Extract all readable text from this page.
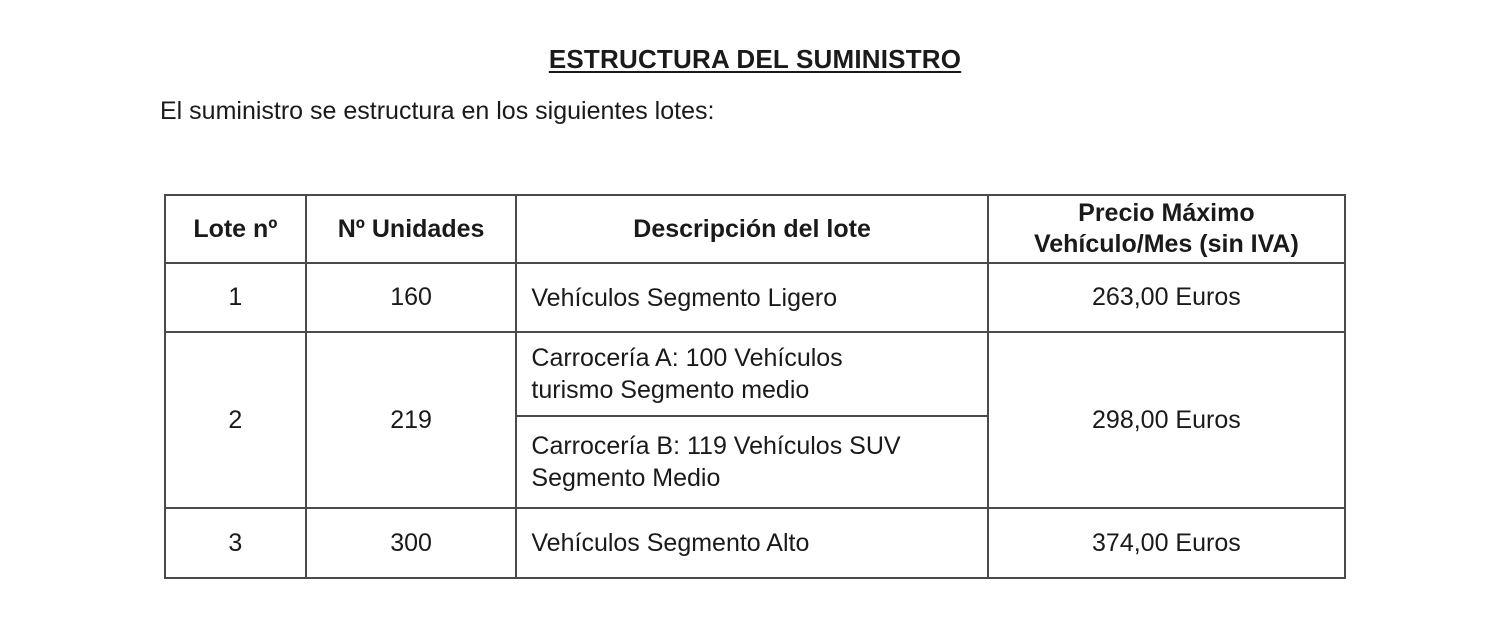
ESTRUCTURA DEL SUMINISTRO
El suministro se estructura en los siguientes lotes:
Lote nº	Nº Unidades	Descripción del lote	Precio Máximo
Vehículo/Mes (sin IVA)
1	160	Vehículos Segmento Ligero	263,00 Euros
2	219	Carrocería A: 100 Vehículos
turismo Segmento medio	298,00 Euros
		Carrocería B: 119 Vehículos SUV
Segmento Medio	
3	300	Vehículos Segmento Alto	374,00 Euros
